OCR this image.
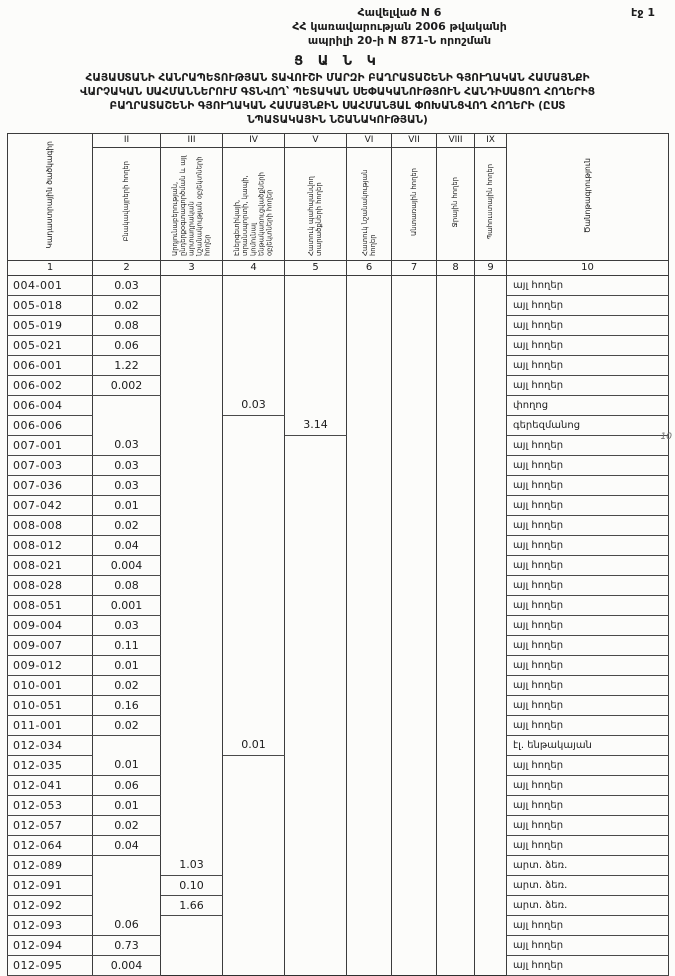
էջ 1
Հավելված N 6
ՀՀ կառավարության 2006 թվականի
ապրիլի 20-ի N 871-Ն որոշման
Ց Ա Ն Կ
ՀԱՅԱՍՏԱՆԻ ՀԱՆՐԱՊԵՏՈՒԹՅԱՆ ՏԱՎՈՒՇԻ ՄԱՐԶԻ ԲԱՂՐԱՏԱՇԵՆԻ ԳՅՈՒՂԱԿԱՆ ՀԱՄԱՅՆՔԻ
ՎԱՐՉԱԿԱՆ ՍԱՀՄԱՆՆԵՐՈՒՄ ԳՏՆՎՈՂ՝ ՊԵՏԱԿԱՆ ՍԵՓԱԿԱՆՈՒԹՅՈՒՆ ՀԱՆԴԻՍԱՑՈՂ ՀՈՂԵՐԻՑ
ԲԱՂՐԱՏԱՇԵՆԻ ԳՅՈՒՂԱԿԱՆ ՀԱՄԱՅՆՔԻՆ ՍԱՀՄԱՆՅԱԼ ՓՈԽԱՆՑՎՈՂ ՀՈՂԵՐԻ (ԸՍՏ
ՆՊԱՏԱԿԱՅԻՆ ՆՇԱՆԱԿՈՒԹՅԱՆ)
Կադաստրային ծածկագիր	II	III	IV	V	VI	VII	VIII	IX	Ծանոթագրություն
	Բնակավայրերի հողեր	Արդյունաբերության, ընդերքօգտագործման և այլ արտադրական նշանակության օբյեկտների հողեր	Էներգետիկայի, տրանսպորտի, կապի, կոմունալ ենթակառուցվածքների օբյեկտների հողեր	Հատուկ պահպանվող տարածքների հողեր	Հատուկ նշանակության հողեր	Անտառային հողեր	Ջրային հողեր	Պահուստային հողեր	
1	2	3	4	5	6	7	8	9	10
004-001	0.03								այլ հողեր
005-018	0.02								այլ հողեր
005-019	0.08								այլ հողեր
005-021	0.06								այլ հողեր
006-001	1.22								այլ հողեր
006-002	0.002								այլ հողեր
006-004			0.03						փողոց
006-006				3.14					գերեզմանոց
007-001	0.03								այլ հողեր
007-003	0.03								այլ հողեր
007-036	0.03								այլ հողեր
007-042	0.01								այլ հողեր
008-008	0.02								այլ հողեր
008-012	0.04								այլ հողեր
008-021	0.004								այլ հողեր
008-028	0.08								այլ հողեր
008-051	0.001								այլ հողեր
009-004	0.03								այլ հողեր
009-007	0.11								այլ հողեր
009-012	0.01								այլ հողեր
010-001	0.02								այլ հողեր
010-051	0.16								այլ հողեր
011-001	0.02								այլ հողեր
012-034			0.01						էլ. ենթակայան
012-035	0.01								այլ հողեր
012-041	0.06								այլ հողեր
012-053	0.01								այլ հողեր
012-057	0.02								այլ հողեր
012-064	0.04								այլ հողեր
012-089		1.03							արտ. ձեռ.
012-091		0.10							արտ. ձեռ.
012-092		1.66							արտ. ձեռ.
012-093	0.06								այլ հողեր
012-094	0.73								այլ հողեր
012-095	0.004								այլ հողեր
10
